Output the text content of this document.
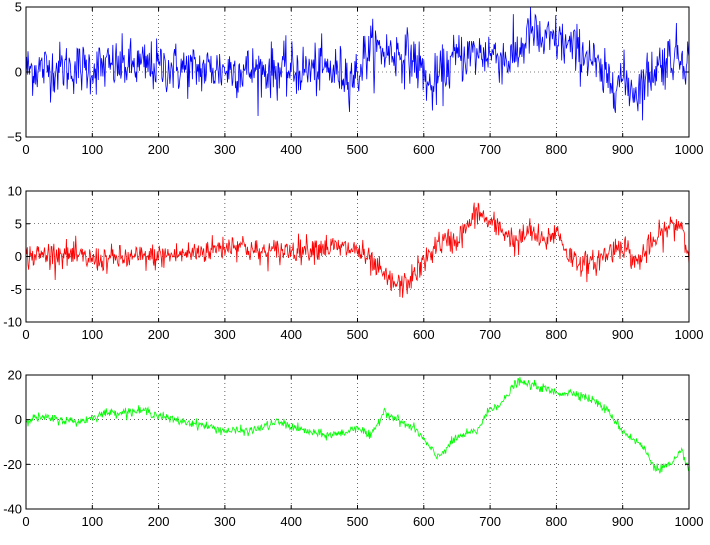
0	100	200	300	400	500	600	700	800	900	1000
−5
0
5
0	100	200	300	400	500	600	700	800	900	1000
-10
-5
0
5
10
0	100	200	300	400	500	600	700	800	900	1000
-40
-20
0
20
